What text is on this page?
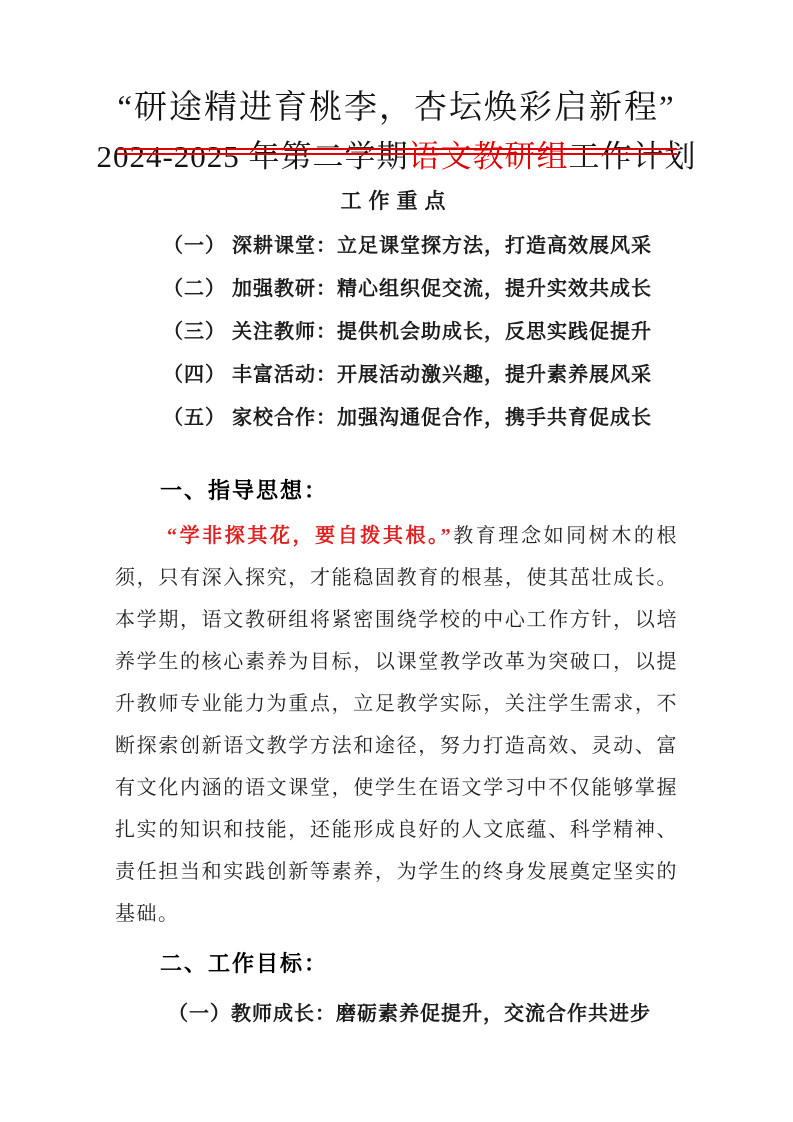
“研途精进育桃李，杏坛焕彩启新程”
2024-2025 年第二学期语文教研组工作计划
工作重点
（一） 深耕课堂：立足课堂探方法，打造高效展风采
（二） 加强教研：精心组织促交流，提升实效共成长
（三） 关注教师：提供机会助成长，反思实践促提升
（四） 丰富活动：开展活动激兴趣，提升素养展风采
（五） 家校合作：加强沟通促合作，携手共育促成长
一、指导思想：

“学非探其花，要自拨其根。”教育理念如同树木的根须，只有深入探究，才能稳固教育的根基，使其茁壮成长。本学期，语文教研组将紧密围绕学校的中心工作方针，以培养学生的核心素养为目标，以课堂教学改革为突破口，以提升教师专业能力为重点，立足教学实际，关注学生需求，不断探索创新语文教学方法和途径，努力打造高效、灵动、富有文化内涵的语文课堂，使学生在语文学习中不仅能够掌握扎实的知识和技能，还能形成良好的人文底蕴、科学精神、责任担当和实践创新等素养，为学生的终身发展奠定坚实的基础。

二、工作目标：
（一）教师成长：磨砺素养促提升，交流合作共进步
